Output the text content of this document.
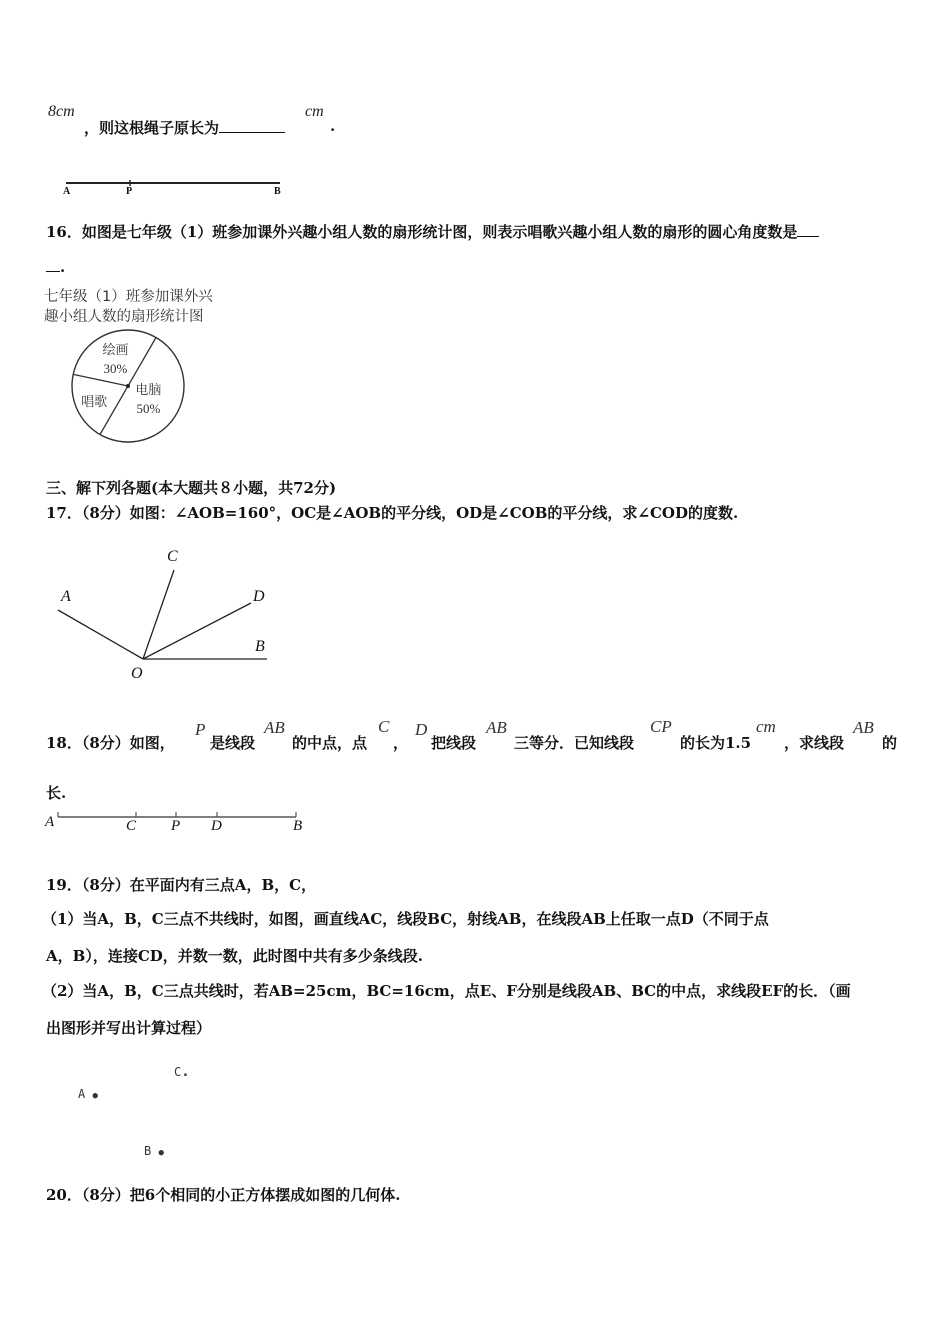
8cm
，则这根绳子原长为
cm
.
A	P	B
16．如图是七年级（1）班参加课外兴趣小组人数的扇形统计图，则表示唱歌兴趣小组人数的扇形的圆心角度数是
.
七年级（1）班参加课外兴
趣小组人数的扇形统计图
电脑
50%
唱歌
绘画
30%
三、解下列各题(本大题共８小题，共72分)
17．（8分）如图：∠AOB=160°，OC是∠AOB的平分线，OD是∠COB的平分线，求∠COD的度数.
A
C
D
B
O
18．（8分）如图，
P
是线段
AB
的中点，点
C
，
D
把线段
AB
三等分．已知线段
CP
的长为1.5
cm
，求线段
AB
的
长.
A	C P D	B
19．（8分）在平面内有三点A，B，C，
（1）当A，B，C三点不共线时，如图，画直线AC，线段BC，射线AB，在线段AB上任取一点D（不同于点
A，B），连接CD，并数一数，此时图中共有多少条线段.
（2）当A，B，C三点共线时，若AB=25cm，BC=16cm，点E、F分别是线段AB、BC的中点，求线段EF的长．（画
出图形并写出计算过程）
C.
A ●
B ●
20．（8分）把6个相同的小正方体摆成如图的几何体.
